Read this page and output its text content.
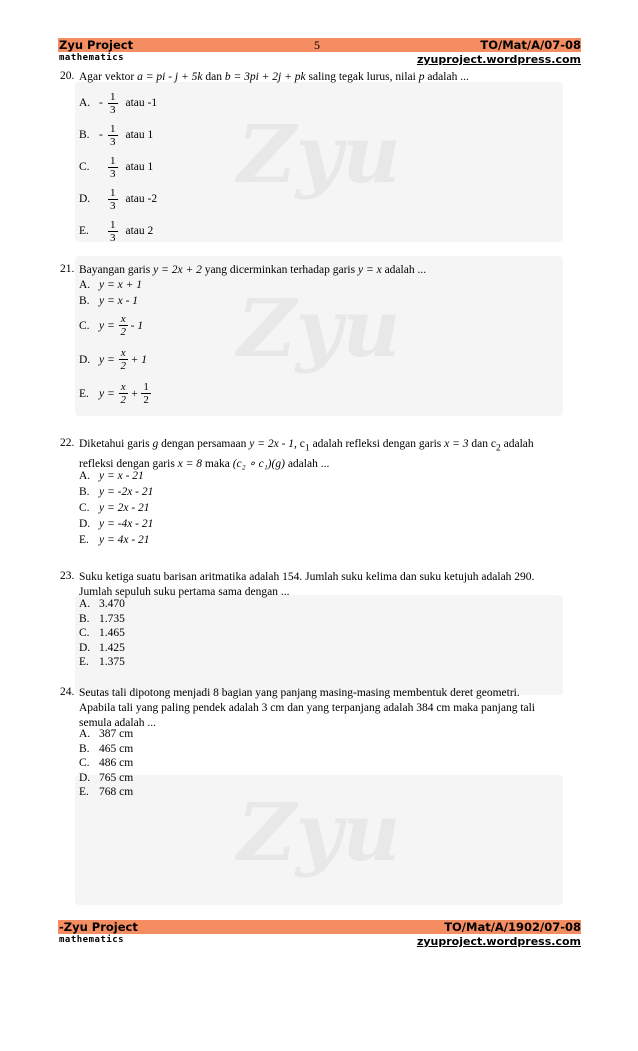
Zyu Project
mathematics
5	TO/Mat/A/07-08
zyuproject.wordpress.com
Zyu
Zyu
Zyu
20. Agar vektor a = pi - j + 5k dan b = 3pi + 2j + pk saling tegak lurus, nilai p adalah ...
A. - $\frac{1}{3}$ atau -1
B. - $\frac{1}{3}$ atau 1
C.	$\frac{1}{3}$ atau 1
D.	$\frac{1}{3}$ atau -2
E.	$\frac{1}{3}$ atau 2
21. Bayangan garis y = 2x + 2 yang dicerminkan terhadap garis y = x adalah ...
A. y = x + 1
B. y = x - 1
C. $y = \frac{x}{2} - 1$
D. $y = \frac{x}{2} + 1$
E. $y = \frac{x}{2} + \frac{1}{2}$
22. Diketahui garis g dengan persamaan y = 2x - 1, $c_1$ adalah refleksi dengan garis x = 3 dan $c_2$ adalah
refleksi dengan garis x = 8 maka (c₂ ∘ c₁)(g) adalah ...
A. y = x - 21
B. y = -2x - 21
C. y = 2x - 21
D. y = -4x - 21
E. y = 4x - 21
23. Suku ketiga suatu barisan aritmatika adalah 154. Jumlah suku kelima dan suku ketujuh adalah 290.
Jumlah sepuluh suku pertama sama dengan ...
A. 3.470
B. 1.735
C. 1.465
D. 1.425
E. 1.375
24. Seutas tali dipotong menjadi 8 bagian yang panjang masing-masing membentuk deret geometri.
Apabila tali yang paling pendek adalah 3 cm dan yang terpanjang adalah 384 cm maka panjang tali
semula adalah ...
A. 387 cm
B. 465 cm
C. 486 cm
D. 765 cm
E. 768 cm
-Zyu Project
mathematics
TO/Mat/A/1902/07-08
zyuproject.wordpress.com
